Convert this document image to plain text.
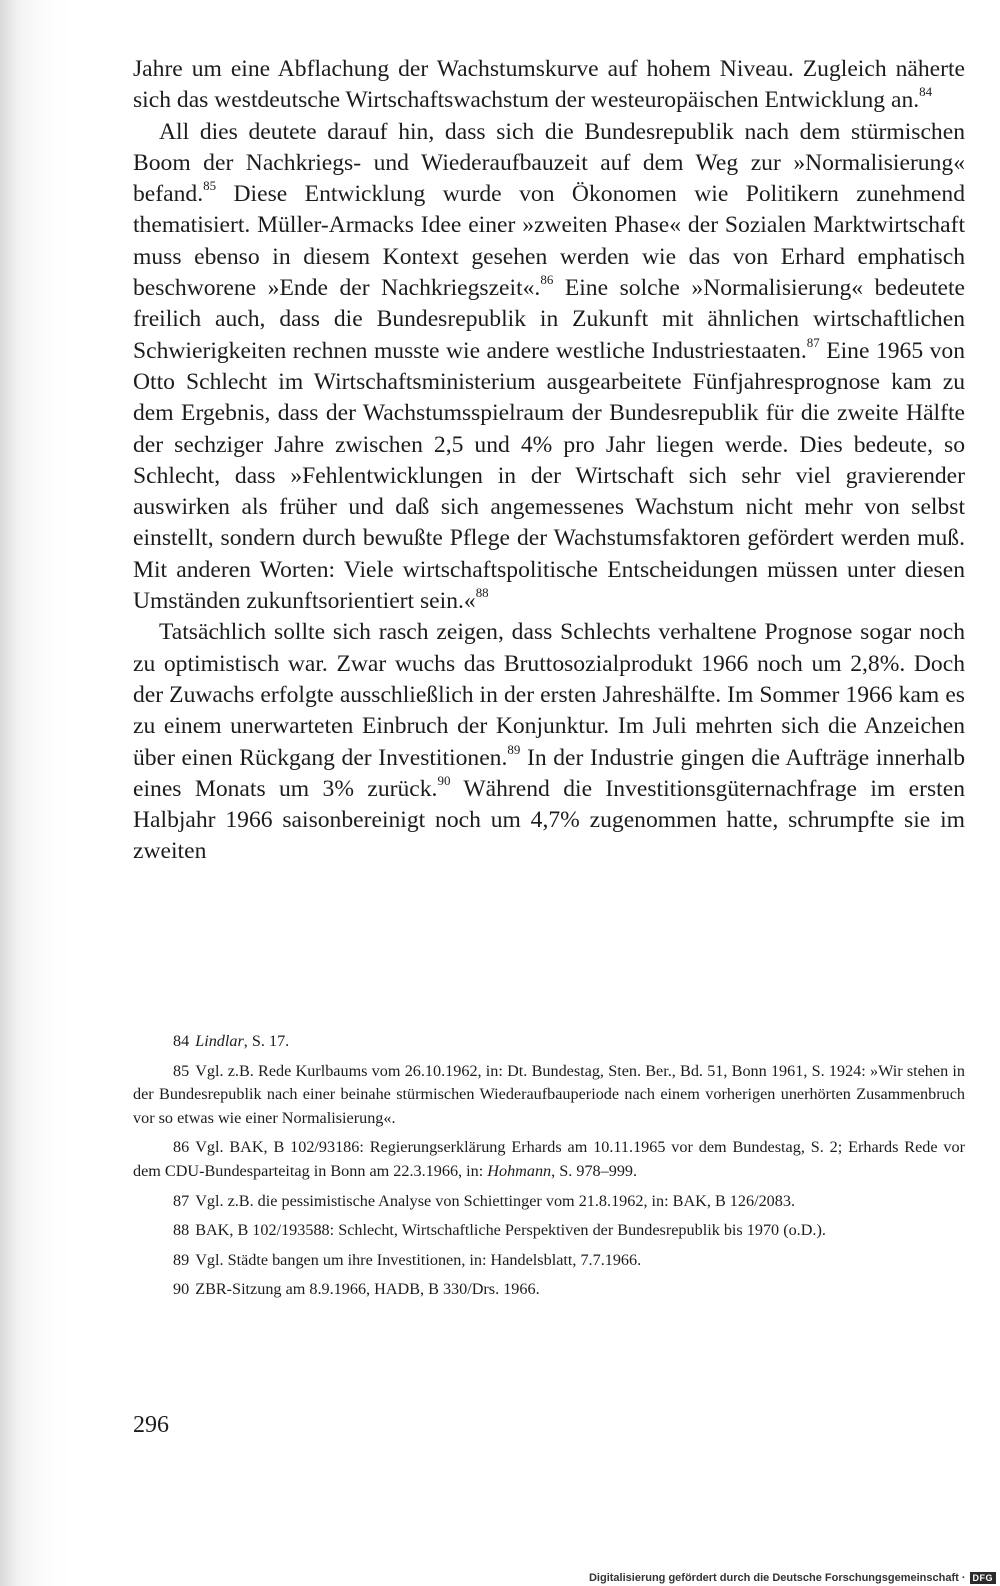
Jahre um eine Abflachung der Wachstumskurve auf hohem Niveau. Zugleich näherte sich das westdeutsche Wirtschaftswachstum der westeuropäischen Entwicklung an.$^{84}$

All dies deutete darauf hin, dass sich die Bundesrepublik nach dem stürmischen Boom der Nachkriegs- und Wiederaufbauzeit auf dem Weg zur »Normalisierung« befand.$^{85}$ Diese Entwicklung wurde von Ökonomen wie Politikern zunehmend thematisiert. Müller-Armacks Idee einer »zweiten Phase« der Sozialen Marktwirtschaft muss ebenso in diesem Kontext gesehen werden wie das von Erhard emphatisch beschworene »Ende der Nachkriegszeit«.$^{86}$ Eine solche »Normalisierung« bedeutete freilich auch, dass die Bundesrepublik in Zukunft mit ähnlichen wirtschaftlichen Schwierigkeiten rechnen musste wie andere westliche Industriestaaten.$^{87}$ Eine 1965 von Otto Schlecht im Wirtschaftsministerium ausgearbeitete Fünfjahresprognose kam zu dem Ergebnis, dass der Wachstumsspielraum der Bundesrepublik für die zweite Hälfte der sechziger Jahre zwischen 2,5 und 4% pro Jahr liegen werde. Dies bedeute, so Schlecht, dass »Fehlentwicklungen in der Wirtschaft sich sehr viel gravierender auswirken als früher und daß sich angemessenes Wachstum nicht mehr von selbst einstellt, sondern durch bewußte Pflege der Wachstumsfaktoren gefördert werden muß. Mit anderen Worten: Viele wirtschaftspolitische Entscheidungen müssen unter diesen Umständen zukunftsorientiert sein.«$^{88}$

Tatsächlich sollte sich rasch zeigen, dass Schlechts verhaltene Prognose sogar noch zu optimistisch war. Zwar wuchs das Bruttosozialprodukt 1966 noch um 2,8%. Doch der Zuwachs erfolgte ausschließlich in der ersten Jahreshälfte. Im Sommer 1966 kam es zu einem unerwarteten Einbruch der Konjunktur. Im Juli mehrten sich die Anzeichen über einen Rückgang der Investitionen.$^{89}$ In der Industrie gingen die Aufträge innerhalb eines Monats um 3% zurück.$^{90}$ Während die Investitionsgüternachfrage im ersten Halbjahr 1966 saisonbereinigt noch um 4,7% zugenommen hatte, schrumpfte sie im zweiten

84 Lindlar, S. 17.

85 Vgl. z.B. Rede Kurlbaums vom 26.10.1962, in: Dt. Bundestag, Sten. Ber., Bd. 51, Bonn 1961, S. 1924: »Wir stehen in der Bundesrepublik nach einer beinahe stürmischen Wiederaufbauperiode nach einem vorherigen unerhörten Zusammenbruch vor so etwas wie einer Normalisierung«.

86 Vgl. BAK, B 102/93186: Regierungserklärung Erhards am 10.11.1965 vor dem Bundestag, S. 2; Erhards Rede vor dem CDU-Bundesparteitag in Bonn am 22.3.1966, in: Hohmann, S. 978–999.

87 Vgl. z.B. die pessimistische Analyse von Schiettinger vom 21.8.1962, in: BAK, B 126/2083.

88 BAK, B 102/193588: Schlecht, Wirtschaftliche Perspektiven der Bundesrepublik bis 1970 (o.D.).

89 Vgl. Städte bangen um ihre Investitionen, in: Handelsblatt, 7.7.1966.

90 ZBR-Sitzung am 8.9.1966, HADB, B 330/Drs. 1966.

296
Digitalisierung gefördert durch die Deutsche Forschungsgemeinschaft · DFG
